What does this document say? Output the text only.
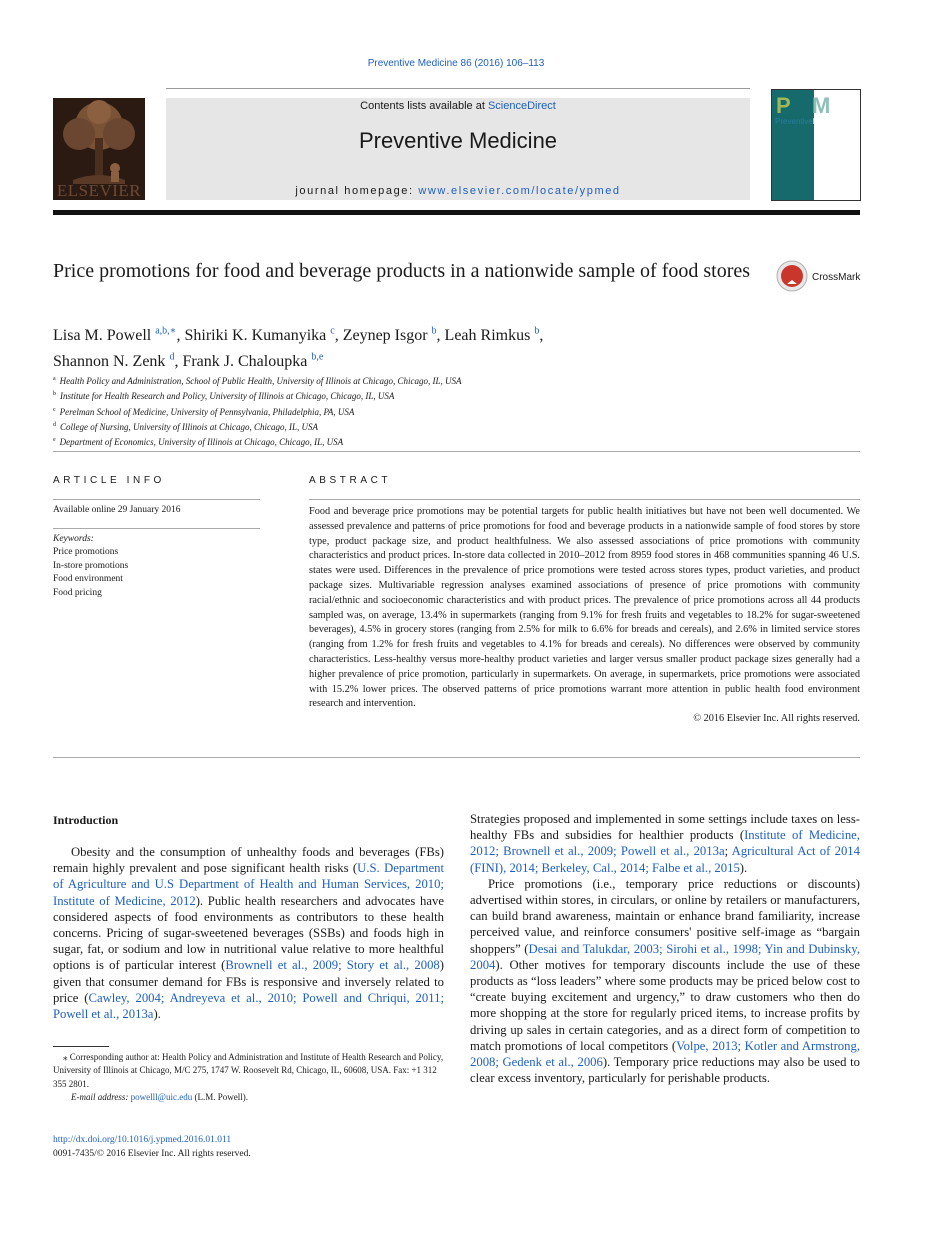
Preventive Medicine 86 (2016) 106–113
ELSEVIER
Contents lists available at ScienceDirect
Preventive Medicine
journal homepage: www.elsevier.com/locate/ypmed
P M
PreventiveMedicine
Price promotions for food and beverage products in a nationwide sample of food stores	CrossMark
Lisa M. Powell $^{a,b,∗}$, Shiriki K. Kumanyika $^c$, Zeynep Isgor $^b$, Leah Rimkus $^b$,
Shannon N. Zenk $^d$, Frank J. Chaloupka $^{b,e}$
$^a$ Health Policy and Administration, School of Public Health, University of Illinois at Chicago, Chicago, IL, USA
$^b$ Institute for Health Research and Policy, University of Illinois at Chicago, Chicago, IL, USA
$^c$ Perelman School of Medicine, University of Pennsylvania, Philadelphia, PA, USA
$^d$ College of Nursing, University of Illinois at Chicago, Chicago, IL, USA
$^e$ Department of Economics, University of Illinois at Chicago, Chicago, IL, USA
ARTICLE INFO
Available online 29 January 2016
Keywords:
Price promotions
In-store promotions
Food environment
Food pricing
ABSTRACT
Food and beverage price promotions may be potential targets for public health initiatives but have not been well documented. We assessed prevalence and patterns of price promotions for food and beverage products in a nationwide sample of food stores by store type, product package size, and product healthfulness. We also assessed associations of price promotions with community characteristics and product prices. In-store data collected in 2010–2012 from 8959 food stores in 468 communities spanning 46 U.S. states were used. Differences in the prevalence of price promotions were tested across stores types, product varieties, and product package sizes. Multivariable regression analyses examined associations of presence of price promotions with community racial/ethnic and socioeconomic characteristics and with product prices. The prevalence of price promotions across all 44 products sampled was, on average, 13.4% in supermarkets (ranging from 9.1% for fresh fruits and vegetables to 18.2% for sugar-sweetened beverages), 4.5% in grocery stores (ranging from 2.5% for milk to 6.6% for breads and cereals), and 2.6% in limited service stores (ranging from 1.2% for fresh fruits and vegetables to 4.1% for breads and cereals). No differences were observed by community characteristics. Less-healthy versus more-healthy product varieties and larger versus smaller product package sizes generally had a higher prevalence of price promotion, particularly in supermarkets. On average, in supermarkets, price promotions were associated with 15.2% lower prices. The observed patterns of price promotions warrant more attention in public health food environment research and intervention.
© 2016 Elsevier Inc. All rights reserved.
Introduction

Obesity and the consumption of unhealthy foods and beverages (FBs) remain highly prevalent and pose significant health risks (U.S. Department of Agriculture and U.S Department of Health and Human Services, 2010; Institute of Medicine, 2012). Public health researchers and advocates have considered aspects of food environments as contributors to these health concerns. Pricing of sugar-sweetened beverages (SSBs) and foods high in sugar, fat, or sodium and low in nutritional value relative to more healthful options is of particular interest (Brownell et al., 2009; Story et al., 2008) given that consumer demand for FBs is responsive and inversely related to price (Cawley, 2004; Andreyeva et al., 2010; Powell and Chriqui, 2011; Powell et al., 2013a).

Strategies proposed and implemented in some settings include taxes on less-healthy FBs and subsidies for healthier products (Institute of Medicine, 2012; Brownell et al., 2009; Powell et al., 2013a; Agricultural Act of 2014 (FINI), 2014; Berkeley, Cal., 2014; Falbe et al., 2015).

Price promotions (i.e., temporary price reductions or discounts) advertised within stores, in circulars, or online by retailers or manufacturers, can build brand awareness, maintain or enhance brand familiarity, increase perceived value, and reinforce consumers' positive self-image as “bargain shoppers” (Desai and Talukdar, 2003; Sirohi et al., 1998; Yin and Dubinsky, 2004). Other motives for temporary discounts include the use of these products as “loss leaders” where some products may be priced below cost to “create buying excitement and urgency,” to draw customers who then do more shopping at the store for regularly priced items, to increase profits by driving up sales in certain categories, and as a direct form of competition to match promotions of local competitors (Volpe, 2013; Kotler and Armstrong, 2008; Gedenk et al., 2006). Temporary price reductions may also be used to clear excess inventory, particularly for perishable products.

⁎ Corresponding author at: Health Policy and Administration and Institute of Health Research and Policy, University of Illinois at Chicago, M/C 275, 1747 W. Roosevelt Rd, Chicago, IL, 60608, USA. Fax: +1 312 355 2801.

E-mail address: powelll@uic.edu (L.M. Powell).

http://dx.doi.org/10.1016/j.ypmed.2016.01.011
0091-7435/© 2016 Elsevier Inc. All rights reserved.
